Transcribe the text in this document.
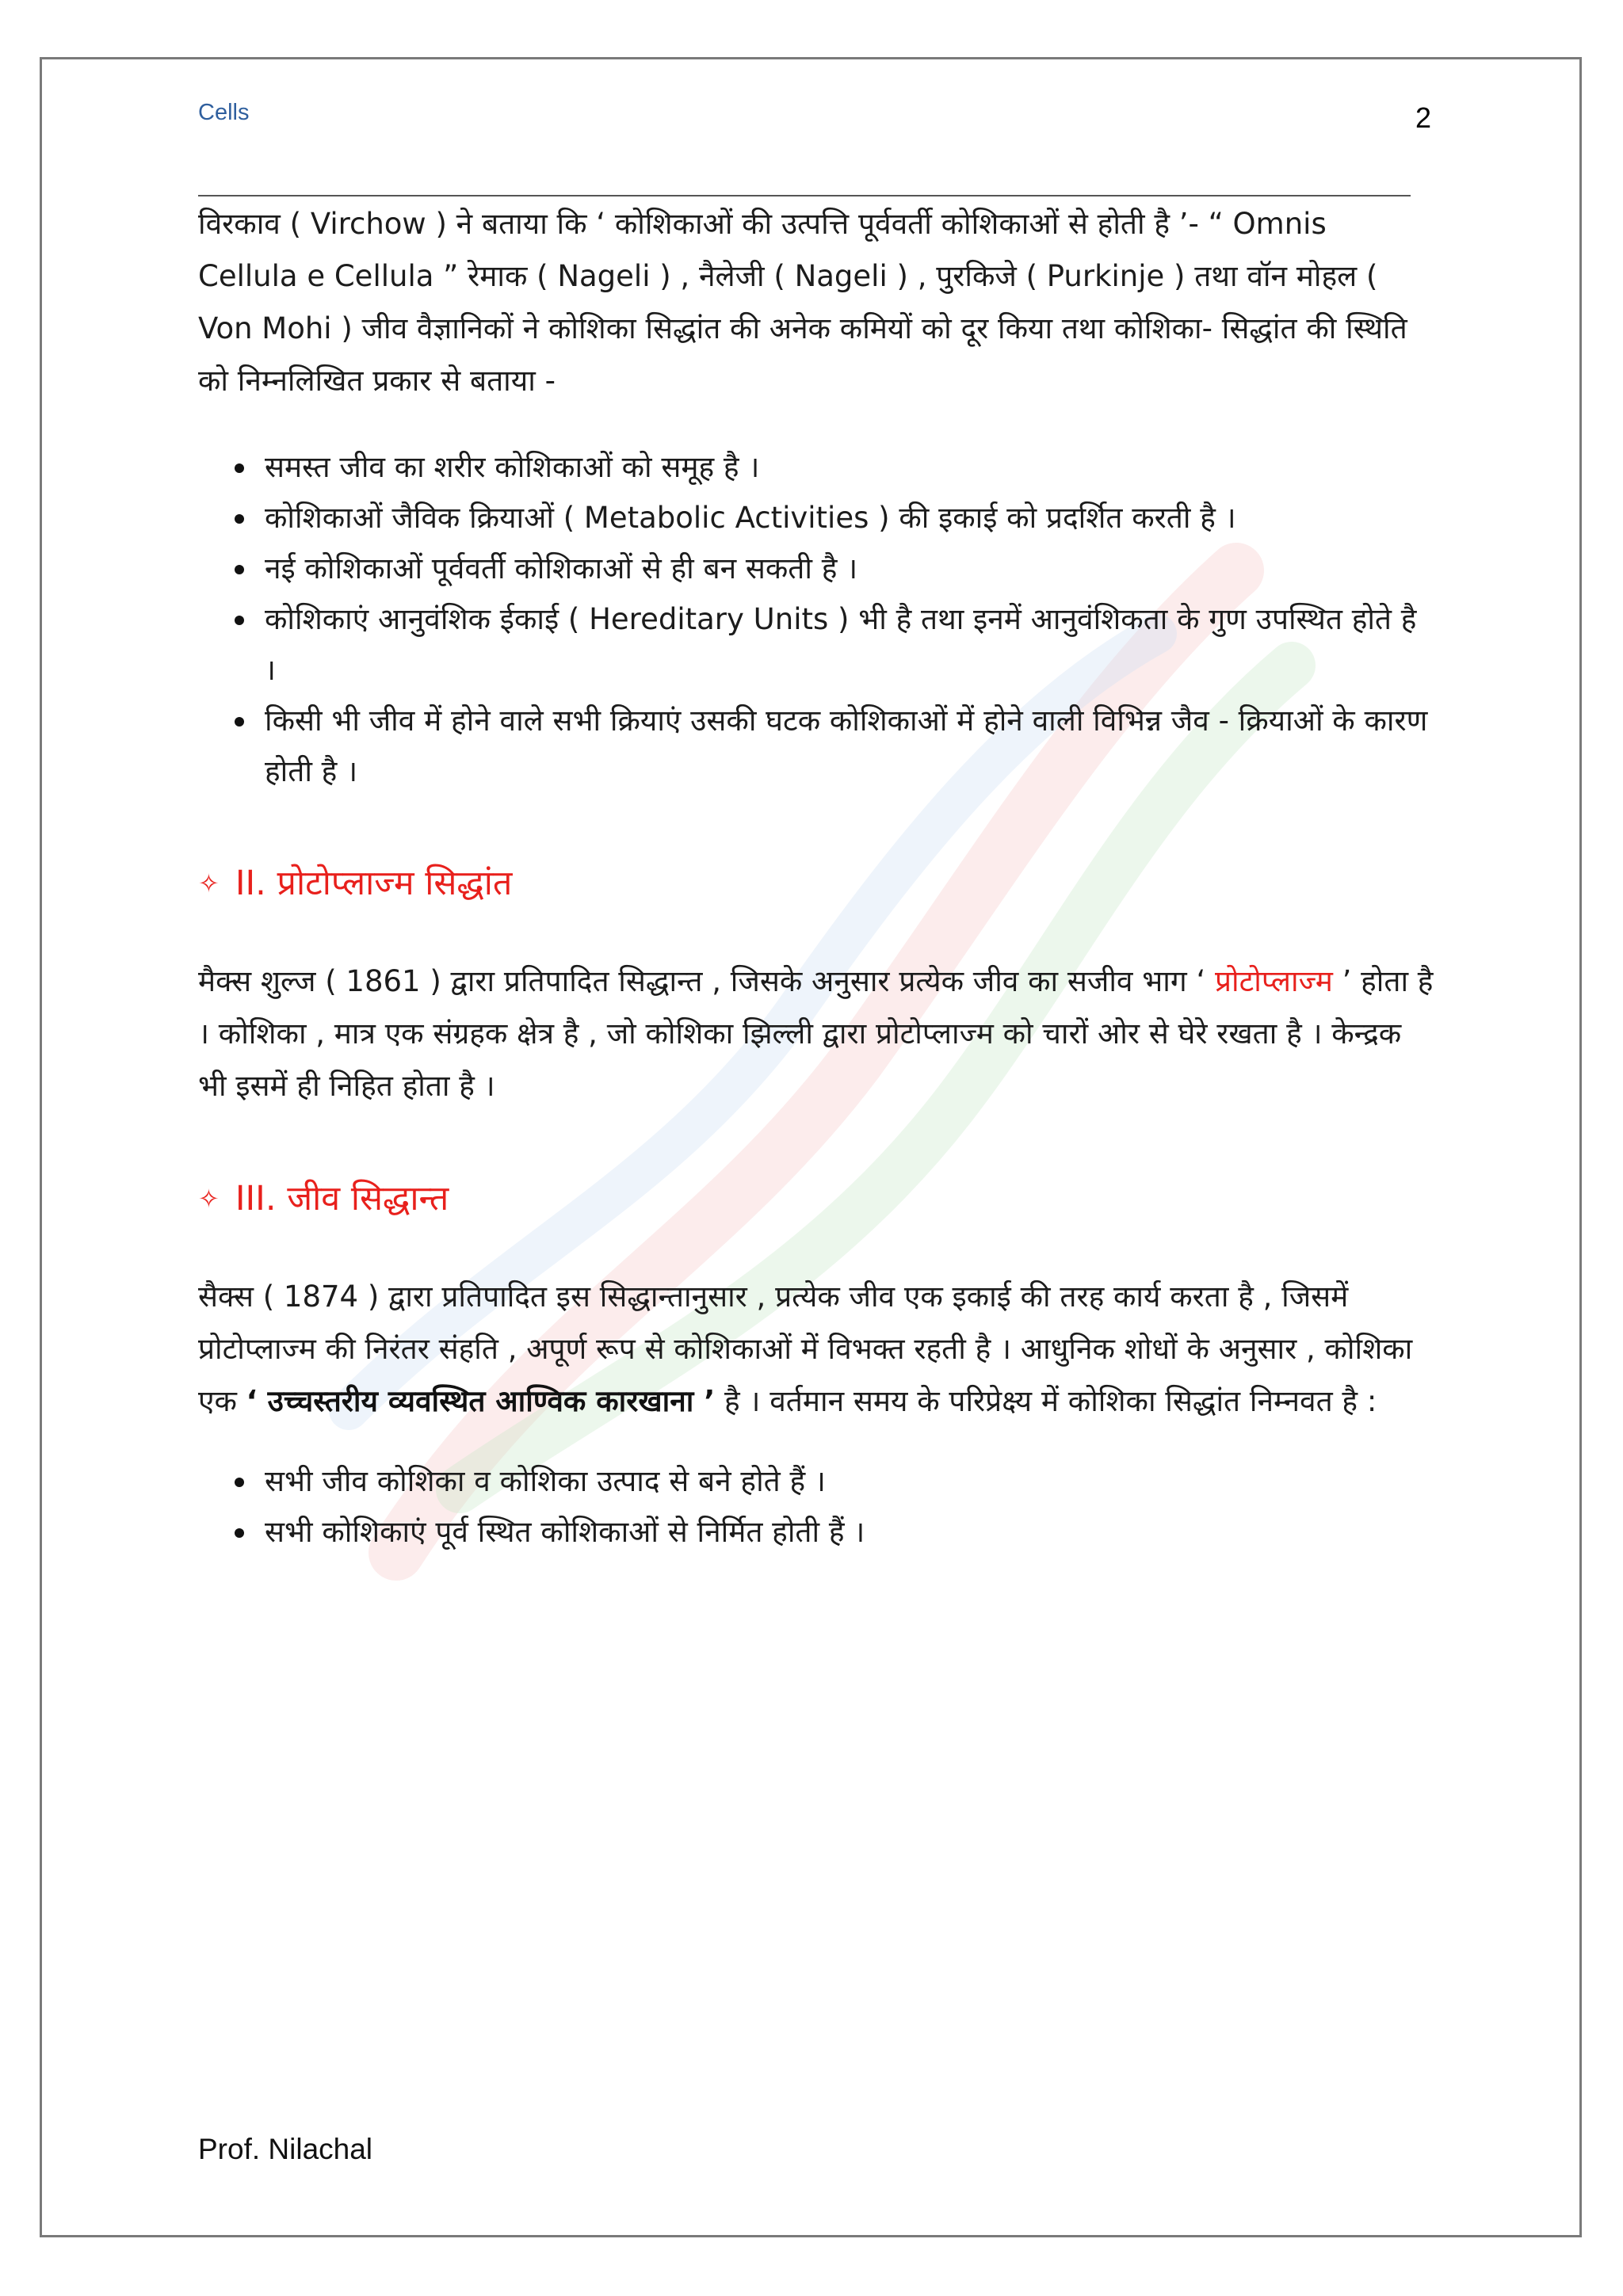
Cells	2

विरकाव ( Virchow ) ने बताया कि ‘ कोशिकाओं की उत्पत्ति पूर्ववर्ती कोशिकाओं से होती है ’- “ Omnis Cellula e Cellula ” रेमाक ( Nageli ) , नैलेजी ( Nageli ) , पुरकिजे ( Purkinje ) तथा वॉन मोहल ( Von Mohi ) जीव वैज्ञानिकों ने कोशिका सिद्धांत की अनेक कमियों को दूर किया तथा कोशिका- सिद्धांत की स्थिति को निम्नलिखित प्रकार से बताया -

समस्त जीव का शरीर कोशिकाओं को समूह है ।
कोशिकाओं जैविक क्रियाओं ( Metabolic Activities ) की इकाई को प्रदर्शित करती है ।
नई कोशिकाओं पूर्ववर्ती कोशिकाओं से ही बन सकती है ।
कोशिकाएं आनुवंशिक ईकाई ( Hereditary Units ) भी है तथा इनमें आनुवंशिकता के गुण उपस्थित होते है ।
किसी भी जीव में होने वाले सभी क्रियाएं उसकी घटक कोशिकाओं में होने वाली विभिन्न जैव - क्रियाओं के कारण होती है ।
✧ II. प्रोटोप्लाज्म सिद्धांत

मैक्स शुल्ज ( 1861 ) द्वारा प्रतिपादित सिद्धान्त , जिसके अनुसार प्रत्येक जीव का सजीव भाग ‘ प्रोटोप्लाज्म ’ होता है । कोशिका , मात्र एक संग्रहक क्षेत्र है , जो कोशिका झिल्ली द्वारा प्रोटोप्लाज्म को चारों ओर से घेरे रखता है । केन्द्रक भी इसमें ही निहित होता है ।

✧ III. जीव सिद्धान्त

सैक्स ( 1874 ) द्वारा प्रतिपादित इस सिद्धान्तानुसार , प्रत्येक जीव एक इकाई की तरह कार्य करता है , जिसमें प्रोटोप्लाज्म की निरंतर संहति , अपूर्ण रूप से कोशिकाओं में विभक्त रहती है । आधुनिक शोधों के अनुसार , कोशिका एक ‘ उच्चस्तरीय व्यवस्थित आण्विक कारखाना ’ है । वर्तमान समय के परिप्रेक्ष्य में कोशिका सिद्धांत निम्नवत है :

सभी जीव कोशिका व कोशिका उत्पाद से बने होते हैं ।
सभी कोशिकाएं पूर्व स्थित कोशिकाओं से निर्मित होती हैं ।
Prof. Nilachal
